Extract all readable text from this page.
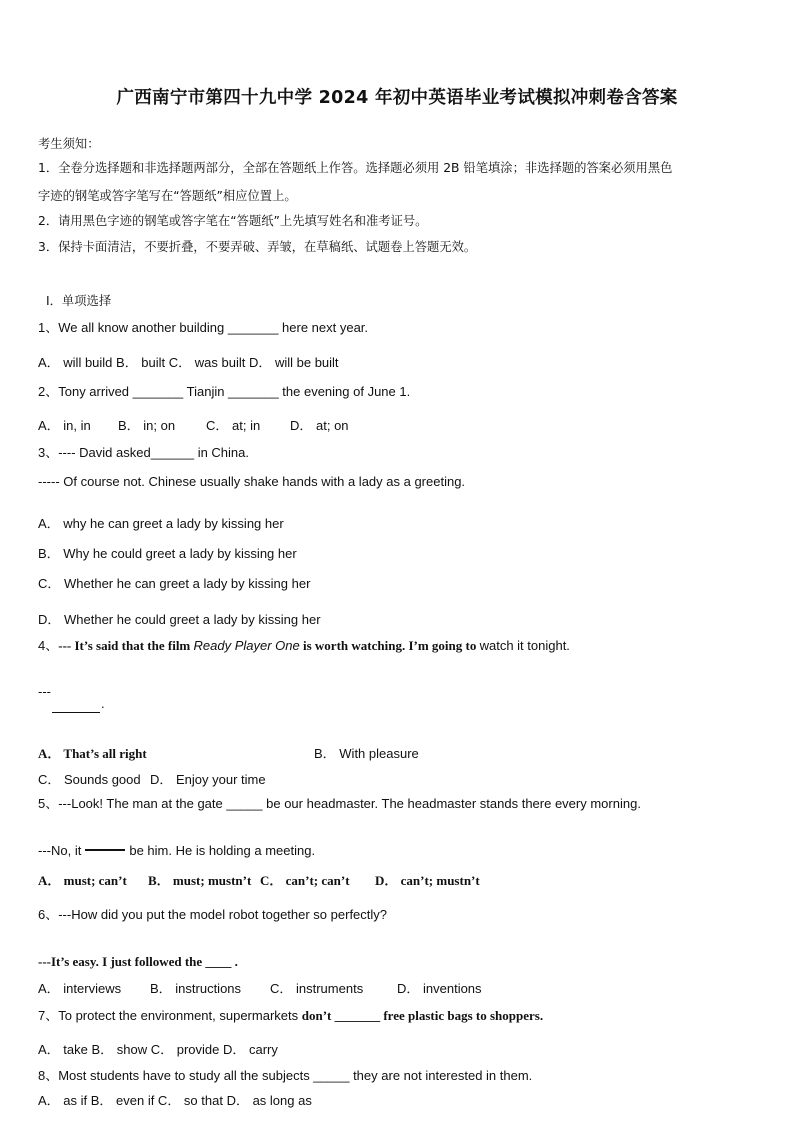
广西南宁市第四十九中学 2024 年初中英语毕业考试模拟冲刺卷含答案
考生须知：
1．全卷分选择题和非选择题两部分，全部在答题纸上作答。选择题必须用 2B 铅笔填涂；非选择题的答案必须用黑色
字迹的钢笔或答字笔写在“答题纸”相应位置上。
2．请用黑色字迹的钢笔或答字笔在“答题纸”上先填写姓名和准考证号。
3．保持卡面清洁，不要折叠，不要弄破、弄皱，在草稿纸、试题卷上答题无效。
Ⅰ．单项选择
1、We all know another building _______ here next year.
A． will build B． built C． was built D． will be built
2、Tony arrived _______ Tianjin _______ the evening of June 1.
A． in, in B． in; on C． at; in D． at; on
3、---- David asked______ in China.
----- Of course not. Chinese usually shake hands with a lady as a greeting.
A． why he can greet a lady by kissing her
B． Why he could greet a lady by kissing her
C． Whether he can greet a lady by kissing her
D． Whether he could greet a lady by kissing her
4、--- It’s said that the film Ready Player One is worth watching. I’m going to watch it tonight.
---
.
A． That’s all right	B． With pleasure
C． Sounds good D． Enjoy your time
5、---Look! The man at the gate _____ be our headmaster. The headmaster stands there every morning.
---No, it	be him. He is holding a meeting.
A． must; can’t B． must; mustn’t C． can’t; can’t D． can’t; mustn’t
6、---How did you put the model robot together so perfectly?
---It’s easy. I just followed the ____ .
A． interviews B． instructions C． instruments	D． inventions
7、To protect the environment, supermarkets don’t _______ free plastic bags to shoppers.
A． take B． show C． provide D． carry
8、Most students have to study all the subjects _____ they are not interested in them.
A． as if B． even if C． so that D． as long as
